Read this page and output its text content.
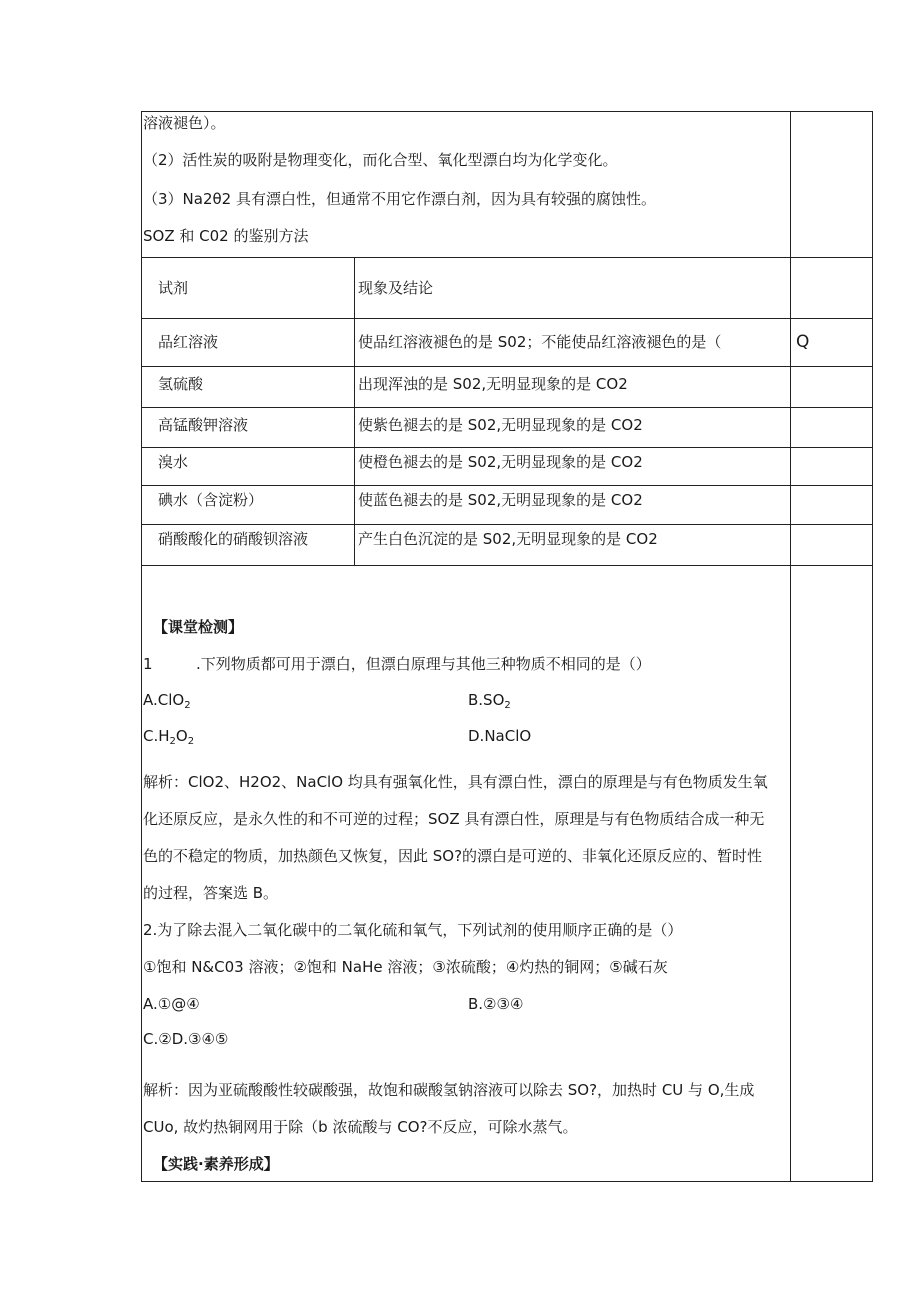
溶液褪色）。
（2）活性炭的吸附是物理变化，而化合型、氧化型漂白均为化学变化。
（3）Na2θ2 具有漂白性，但通常不用它作漂白剂，因为具有较强的腐蚀性。
SOZ 和 C02 的鉴别方法
试剂	现象及结论
品红溶液	使品红溶液褪色的是 S02；不能使品红溶液褪色的是（	Q
氢硫酸	出现浑浊的是 S02,无明显现象的是 CO2
高锰酸钾溶液	使紫色褪去的是 S02,无明显现象的是 CO2
溴水	使橙色褪去的是 S02,无明显现象的是 CO2
碘水（含淀粉）	使蓝色褪去的是 S02,无明显现象的是 CO2
硝酸酸化的硝酸钡溶液	产生白色沉淀的是 S02,无明显现象的是 CO2
【课堂检测】
1	.下列物质都可用于漂白，但漂白原理与其他三种物质不相同的是（）
A.ClO$_2$	$B.SO_2$
$C.H_2O_2$	D.NaClO
解析：ClO2、H2O2、NaClO 均具有强氧化性，具有漂白性，漂白的原理是与有色物质发生氧
化还原反应，是永久性的和不可逆的过程；SOZ 具有漂白性，原理是与有色物质结合成一种无
色的不稳定的物质，加热颜色又恢复，因此 SO?的漂白是可逆的、非氧化还原反应的、暂时性
的过程，答案选 B。
2.为了除去混入二氧化碳中的二氧化硫和氧气，下列试剂的使用顺序正确的是（）
①饱和 N&C03 溶液；②饱和 NaHe 溶液；③浓硫酸；④灼热的铜网；⑤碱石灰
A.①@④	B.②③④
C.②D.③④⑤
解析：因为亚硫酸酸性较碳酸强，故饱和碳酸氢钠溶液可以除去 SO?，加热时 CU 与 O,生成
CUo, 故灼热铜网用于除（b 浓硫酸与 CO?不反应，可除水蒸气。
【实践·素养形成】
